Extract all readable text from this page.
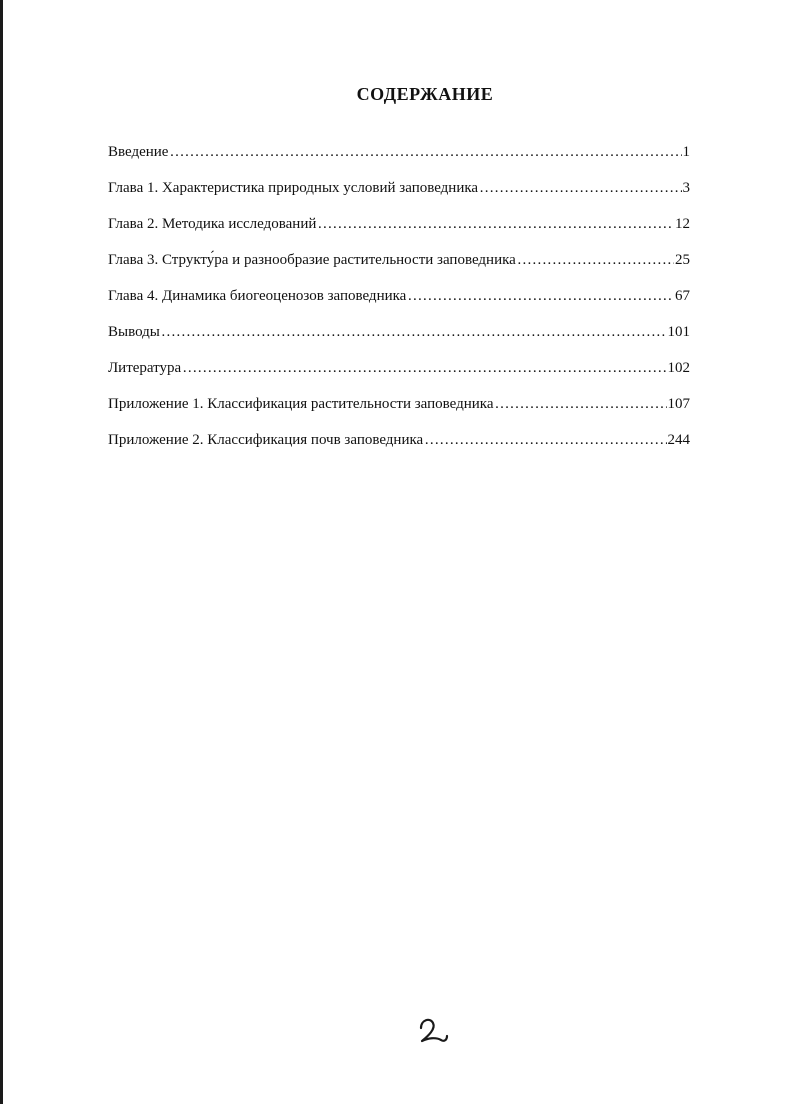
СОДЕРЖАНИЕ
Введение ………………………………………………………………………………………………………………………………………………………………	1
Глава 1. Характеристика природных условий заповедника ………………………………………………………………………………………………………………………………………………………………	3
Глава 2. Методика исследований ………………………………………………………………………………………………………………………………………………………………	12
Глава 3. Структу́ра и разнообразие растительности заповедника ………………………………………………………………………………………………………………………………………………………………	25
Глава 4. Динамика биогеоценозов заповедника ………………………………………………………………………………………………………………………………………………………………	67
Выводы ………………………………………………………………………………………………………………………………………………………………	101
Литература ………………………………………………………………………………………………………………………………………………………………	102
Приложение 1. Классификация растительности заповедника ………………………………………………………………………………………………………………………………………………………………	107
Приложение 2. Классификация почв заповедника ………………………………………………………………………………………………………………………………………………………………	244
